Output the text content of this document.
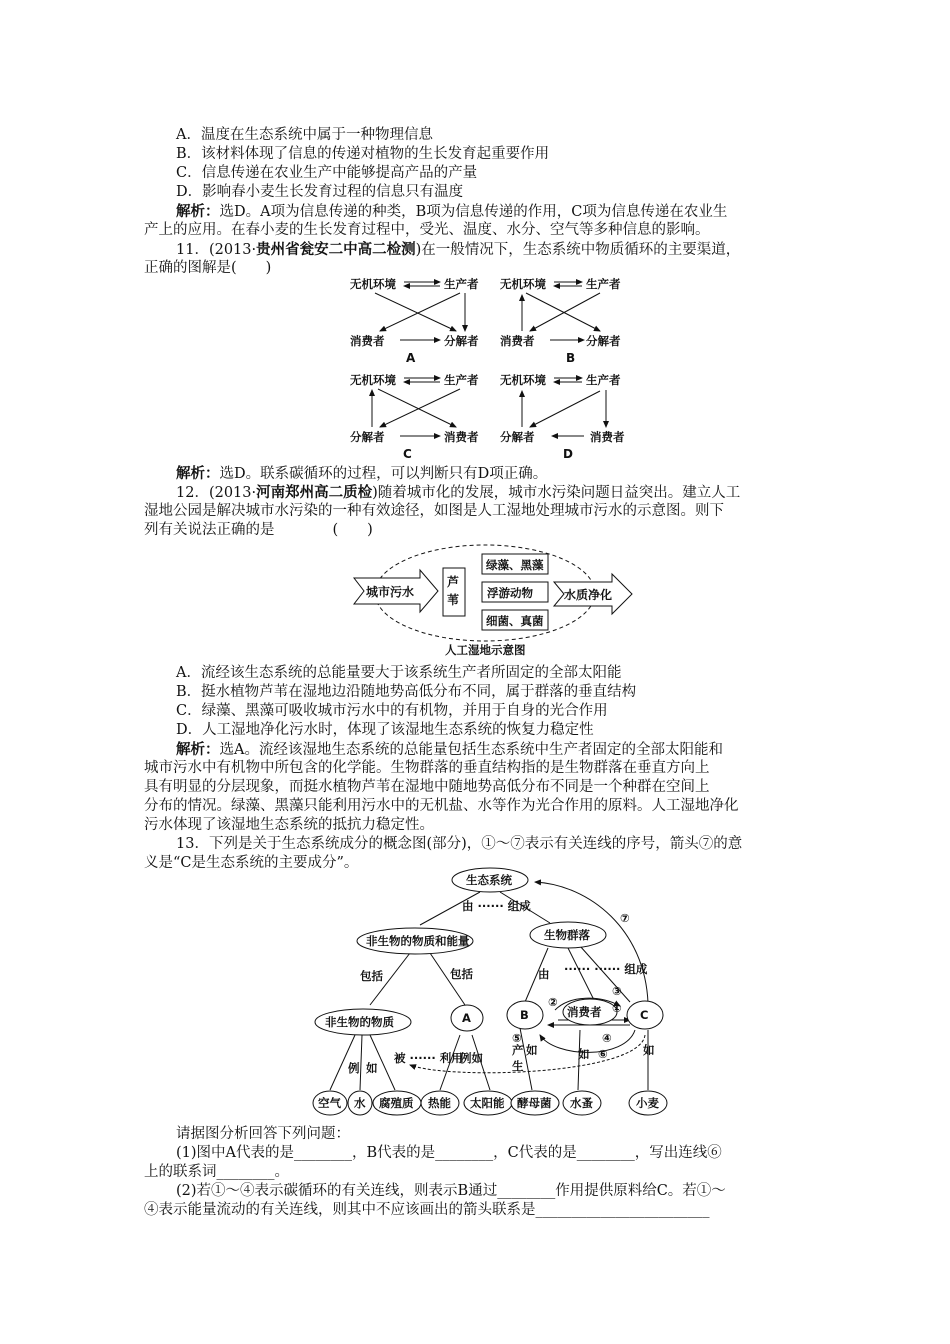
A．温度在生态系统中属于一种物理信息
B．该材料体现了信息的传递对植物的生长发育起重要作用
C．信息传递在农业生产中能够提高产品的产量
D．影响春小麦生长发育过程的信息只有温度
解析：选D。A项为信息传递的种类，B项为信息传递的作用，C项为信息传递在农业生
产上的应用。在春小麦的生长发育过程中，受光、温度、水分、空气等多种信息的影响。
11．(2013·贵州省瓮安二中高二检测)在一般情况下，生态系统中物质循环的主要渠道，
正确的图解是(　　)
无机环境	生产者
消费者	分解者
无机环境	生产者
消费者	分解者
无机环境	生产者
分解者	消费者
无机环境	生产者
分解者	消费者
A	B
C	D
解析：选D。联系碳循环的过程，可以判断只有D项正确。
12．(2013·河南郑州高二质检)随着城市化的发展，城市水污染问题日益突出。建立人工
湿地公园是解决城市水污染的一种有效途径，如图是人工湿地处理城市污水的示意图。则下
列有关说法正确的是　　　　(　　)
城市污水
芦
苇
绿藻、黑藻
浮游动物
细菌、真菌
水质净化
人工湿地示意图
A．流经该生态系统的总能量要大于该系统生产者所固定的全部太阳能
B．挺水植物芦苇在湿地边沿随地势高低分布不同，属于群落的垂直结构
C．绿藻、黑藻可吸收城市污水中的有机物，并用于自身的光合作用
D．人工湿地净化污水时，体现了该湿地生态系统的恢复力稳定性
解析：选A。流经该湿地生态系统的总能量包括生态系统中生产者固定的全部太阳能和
城市污水中有机物中所包含的化学能。生物群落的垂直结构指的是生物群落在垂直方向上
具有明显的分层现象，而挺水植物芦苇在湿地中随地势高低分布不同是一个种群在空间上
分布的情况。绿藻、黑藻只能利用污水中的无机盐、水等作为光合作用的原料。人工湿地净化
污水体现了该湿地生态系统的抵抗力稳定性。
13．下列是关于生态系统成分的概念图(部分)，①～⑦表示有关连线的序号，箭头⑦的意
义是“C是生态系统的主要成分”。
生态系统
由 ······ 组成
非生物的物质和能量	生物群落
包括	包括	由 ······ ······ 组成
非生物的物质	A	B	消费者	C
①
②
③
④
⑤
⑥
⑦
例 如
被 ······ 利用
例如
产 如
生
如	如
空气 水 腐殖质 热能 太阳能 酵母菌 水蚤	小麦
请据图分析回答下列问题：
(1)图中A代表的是________，B代表的是________，C代表的是________，写出连线⑥
上的联系词________。
(2)若①～④表示碳循环的有关连线，则表示B通过________作用提供原料给C。若①～
④表示能量流动的有关连线，则其中不应该画出的箭头联系是________________________
